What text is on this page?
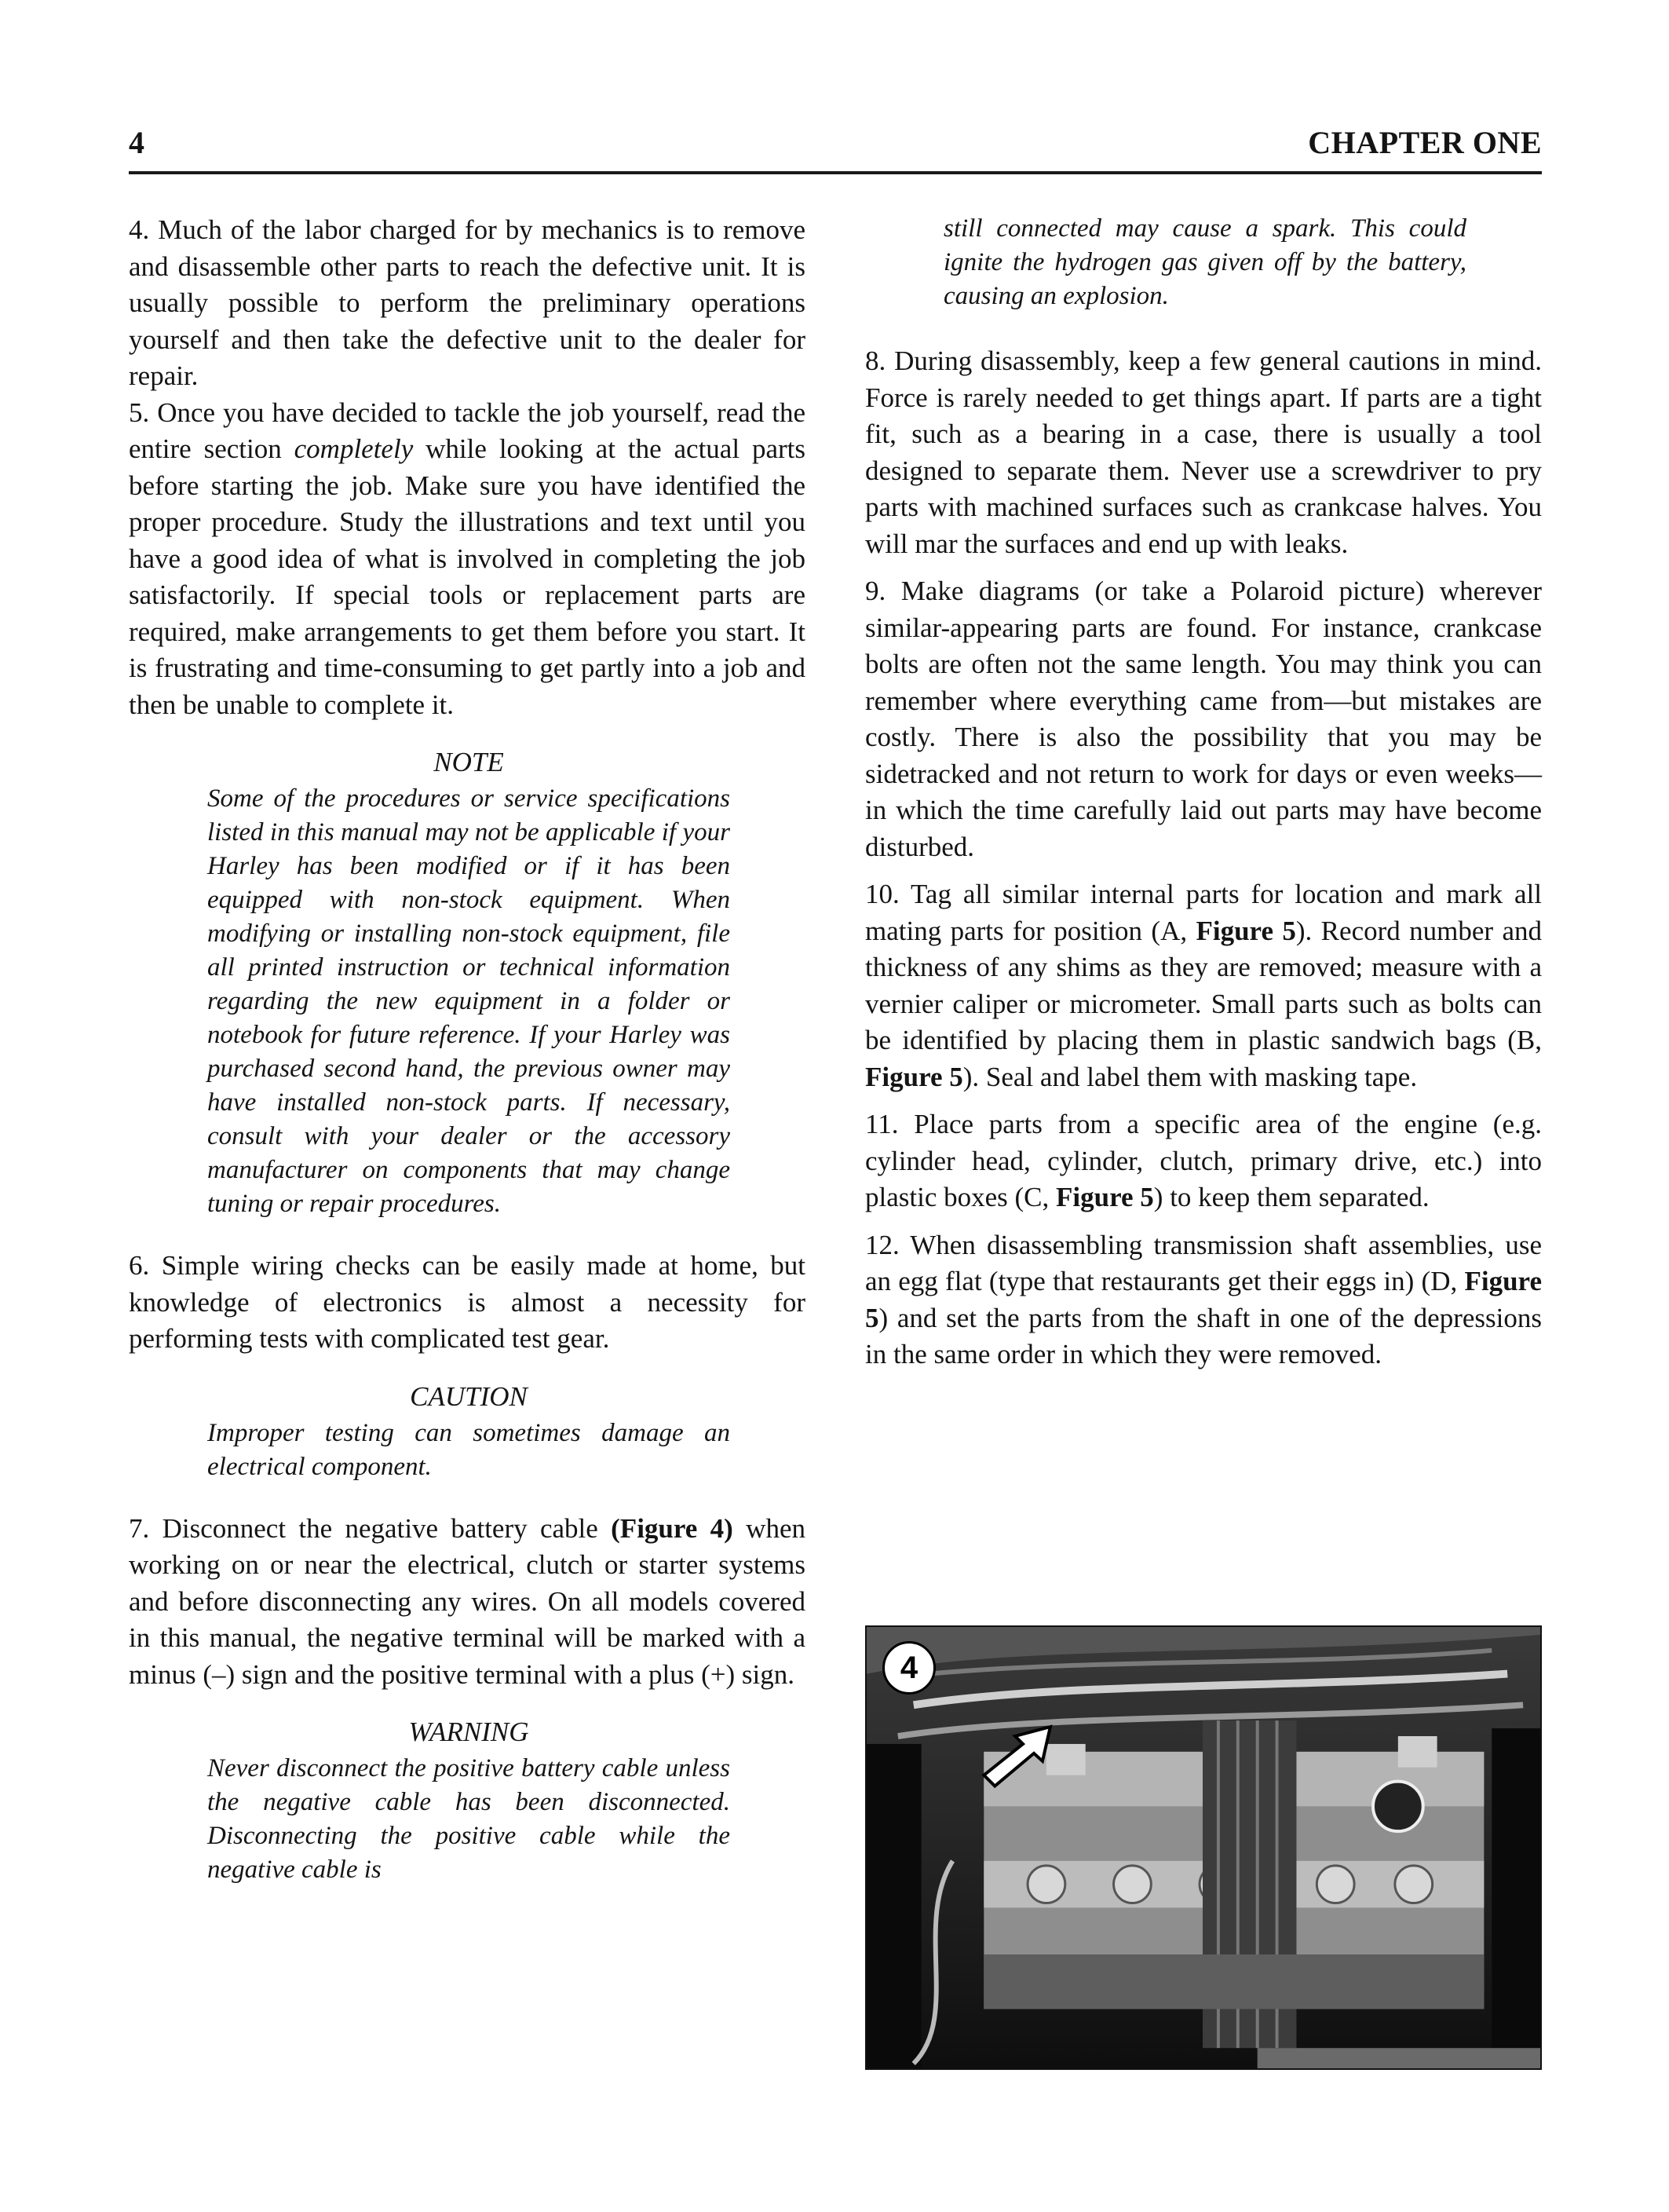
4	CHAPTER ONE

4. Much of the labor charged for by mechanics is to remove and disassemble other parts to reach the defective unit. It is usually possible to perform the preliminary operations yourself and then take the defective unit to the dealer for repair.

5. Once you have decided to tackle the job yourself, read the entire section completely while looking at the actual parts before starting the job. Make sure you have identified the proper procedure. Study the illustrations and text until you have a good idea of what is involved in completing the job satisfactorily. If special tools or replacement parts are required, make arrangements to get them before you start. It is frustrating and time-consuming to get partly into a job and then be unable to complete it.

NOTE
Some of the procedures or service specifications listed in this manual may not be applicable if your Harley has been modified or if it has been equipped with non-stock equipment. When modifying or installing non-stock equipment, file all printed instruction or technical information regarding the new equipment in a folder or notebook for future reference. If your Harley was purchased second hand, the previous owner may have installed non-stock parts. If necessary, consult with your dealer or the accessory manufacturer on components that may change tuning or repair procedures.

6. Simple wiring checks can be easily made at home, but knowledge of electronics is almost a necessity for performing tests with complicated test gear.

CAUTION
Improper testing can sometimes damage an electrical component.

7. Disconnect the negative battery cable (Figure 4) when working on or near the electrical, clutch or starter systems and before disconnecting any wires. On all models covered in this manual, the negative terminal will be marked with a minus (–) sign and the positive terminal with a plus (+) sign.

WARNING
Never disconnect the positive battery cable unless the negative cable has been disconnected. Disconnecting the positive cable while the negative cable is
still connected may cause a spark. This could ignite the hydrogen gas given off by the battery, causing an explosion.

8. During disassembly, keep a few general cautions in mind. Force is rarely needed to get things apart. If parts are a tight fit, such as a bearing in a case, there is usually a tool designed to separate them. Never use a screwdriver to pry parts with machined surfaces such as crankcase halves. You will mar the surfaces and end up with leaks.

9. Make diagrams (or take a Polaroid picture) wherever similar-appearing parts are found. For instance, crankcase bolts are often not the same length. You may think you can remember where everything came from—but mistakes are costly. There is also the possibility that you may be sidetracked and not return to work for days or even weeks—in which the time carefully laid out parts may have become disturbed.

10. Tag all similar internal parts for location and mark all mating parts for position (A, Figure 5). Record number and thickness of any shims as they are removed; measure with a vernier caliper or micrometer. Small parts such as bolts can be identified by placing them in plastic sandwich bags (B, Figure 5). Seal and label them with masking tape.

11. Place parts from a specific area of the engine (e.g. cylinder head, cylinder, clutch, primary drive, etc.) into plastic boxes (C, Figure 5) to keep them separated.

12. When disassembling transmission shaft assemblies, use an egg flat (type that restaurants get their eggs in) (D, Figure 5) and set the parts from the shaft in one of the depressions in the same order in which they were removed.

4
